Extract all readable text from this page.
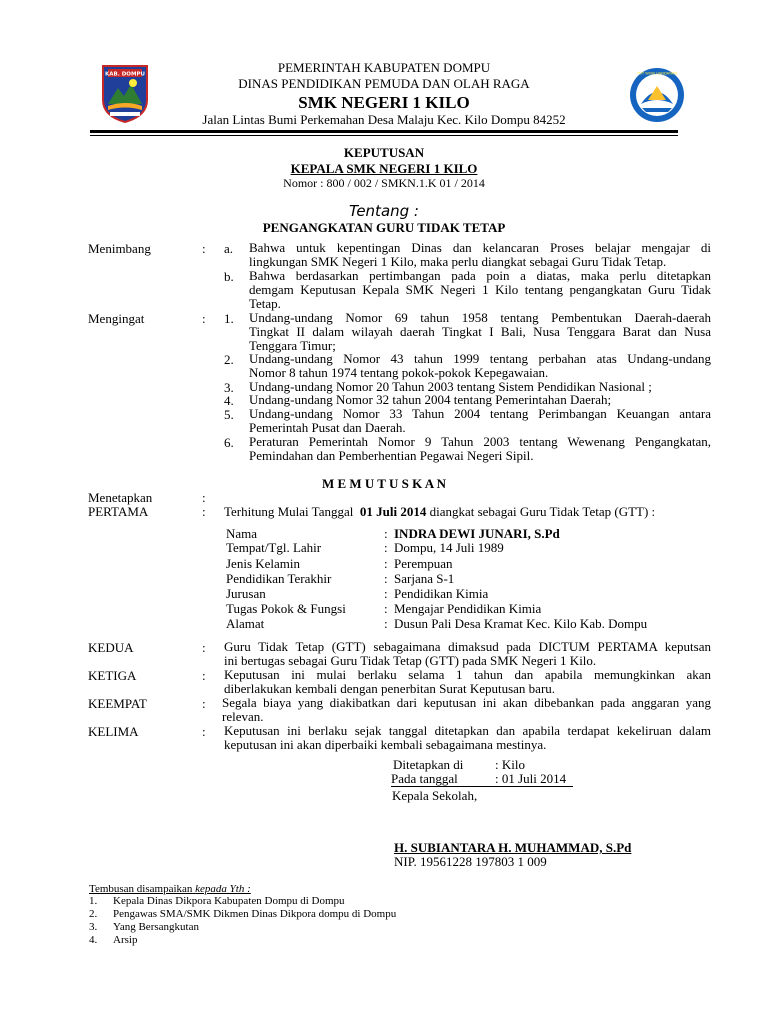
KAB. DOMPU	TUT WURI HANDAYANI
PEMERINTAH KABUPATEN DOMPU
DINAS PENDIDIKAN PEMUDA DAN OLAH RAGA
SMK NEGERI 1 KILO
Jalan Lintas Bumi Perkemahan Desa Malaju Kec. Kilo Dompu 84252
KEPUTUSAN
KEPALA SMK NEGERI 1 KILO
Nomor : 800 / 002 / SMKN.1.K 01 / 2014
Tentang :
PENGANGKATAN GURU TIDAK TETAP
Menimbang	: a. Bahwa untuk kepentingan Dinas dan kelancaran Proses belajar mengajar di

lingkungan SMK Negeri 1 Kilo, maka perlu diangkat sebagai Guru Tidak Tetap.

b. Bahwa berdasarkan pertimbangan pada poin a diatas, maka perlu ditetapkan

demgam Keputusan Kepala SMK Negeri 1 Kilo tentang pengangkatan Guru Tidak

Tetap.

Mengingat	: 1. Undang-undang Nomor 69 tahun 1958 tentang Pembentukan Daerah-daerah

Tingkat II dalam wilayah daerah Tingkat I Bali, Nusa Tenggara Barat dan Nusa

Tenggara Timur;

2. Undang-undang Nomor 43 tahun 1999 tentang perbahan atas Undang-undang

Nomor 8 tahun 1974 tentang pokok-pokok Kepegawaian.

3. Undang-undang Nomor 20 Tahun 2003 tentang Sistem Pendidikan Nasional ;

4. Undang-undang Nomor 32 tahun 2004 tentang Pemerintahan Daerah;

5. Undang-undang Nomor 33 Tahun 2004 tentang Perimbangan Keuangan antara

Pemerintah Pusat dan Daerah.

6. Peraturan Pemerintah Nomor 9 Tahun 2003 tentang Wewenang Pengangkatan,

Pemindahan dan Pemberhentian Pegawai Negeri Sipil.

M E M U T U S K A N
Menetapkan	:
PERTAMA	: Terhitung Mulai Tanggal 01 Juli 2014 diangkat sebagai Guru Tidak Tetap (GTT) :
Nama	: INDRA DEWI JUNARI, S.Pd
Tempat/Tgl. Lahir	: Dompu, 14 Juli 1989
Jenis Kelamin	: Perempuan
Pendidikan Terakhir	: Sarjana S-1
Jurusan	: Pendidikan Kimia
Tugas Pokok & Fungsi	: Mengajar Pendidikan Kimia
Alamat	: Dusun Pali Desa Kramat Kec. Kilo Kab. Dompu
KEDUA	: Guru Tidak Tetap (GTT) sebagaimana dimaksud pada DICTUM PERTAMA keputsan

ini bertugas sebagai Guru Tidak Tetap (GTT) pada SMK Negeri 1 Kilo.

KETIGA	: Keputusan ini mulai berlaku selama 1 tahun dan apabila memungkinkan akan

diberlakukan kembali dengan penerbitan Surat Keputusan baru.

KEEMPAT	: Segala biaya yang diakibatkan dari keputusan ini akan dibebankan pada anggaran yang

relevan.

KELIMA	: Keputusan ini berlaku sejak tanggal ditetapkan dan apabila terdapat kekeliruan dalam

keputusan ini akan diperbaiki kembali sebagaimana mestinya.

Ditetapkan di : Kilo
Pada tanggal	: 01 Juli 2014
Kepala Sekolah,
H. SUBIANTARA H. MUHAMMAD, S.Pd
NIP. 19561228 197803 1 009
Tembusan disampaikan kepada Yth :
1. Kepala Dinas Dikpora Kabupaten Dompu di Dompu
2. Pengawas SMA/SMK Dikmen Dinas Dikpora dompu di Dompu
3. Yang Bersangkutan
4. Arsip
